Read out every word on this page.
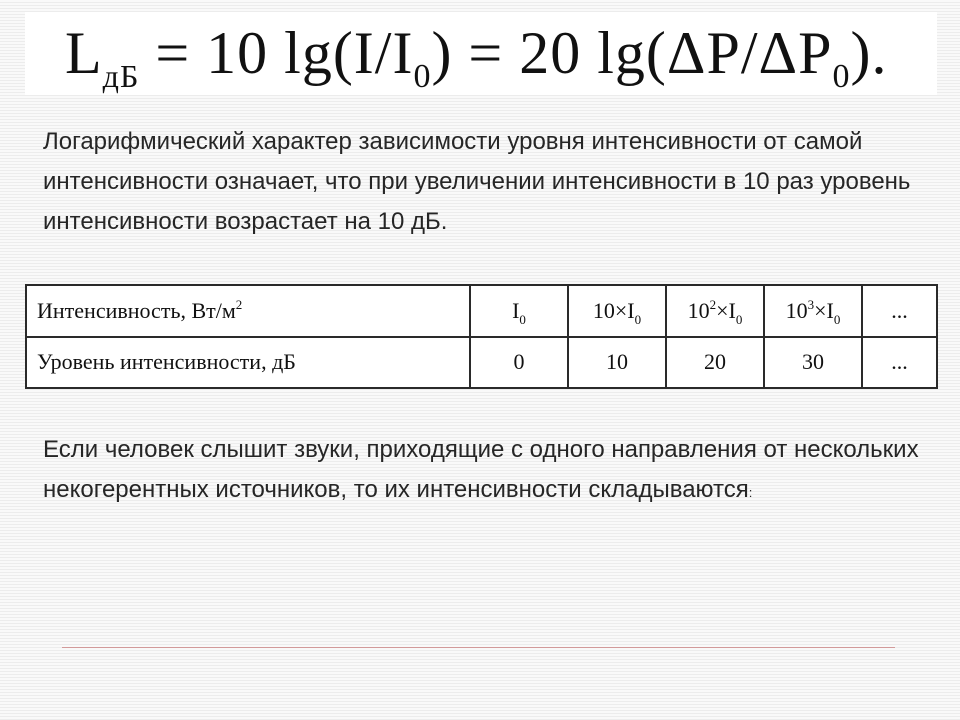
$L_{дБ} = 10$ $\lg(I/I_0) = 20$ $\lg(\Delta P/\Delta P_0)$.

Логарифмический характер зависимости уровня интенсивности от самой интенсивности означает, что при увеличении интенсивности в 10 раз уровень интенсивности возрастает на 10 дБ.

Интенсивность, $Вт/м^2$	$I_0$	$10\times I_0$	$10^2\times I_0$	$10^3\times I_0$	...
Уровень интенсивности, дБ	0	10	20	30	...

Если человек слышит звуки, приходящие с одного направления от нескольких некогерентных источников, то их интенсивности складываются:
